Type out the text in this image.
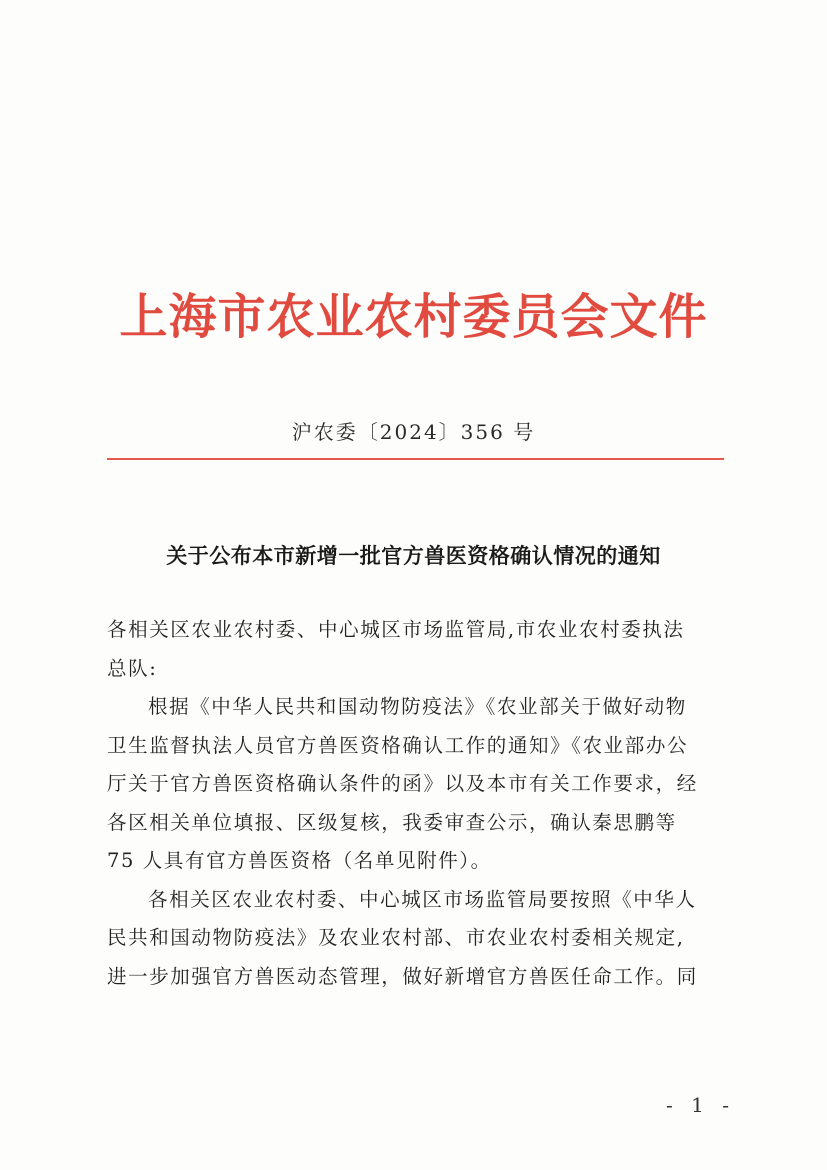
上海市农业农村委员会文件
沪农委〔2024〕356 号
关于公布本市新增一批官方兽医资格确认情况的通知
各相关区农业农村委、中心城区市场监管局,市农业农村委执法
总队:
根据《中华人民共和国动物防疫法》《农业部关于做好动物
卫生监督执法人员官方兽医资格确认工作的通知》《农业部办公
厅关于官方兽医资格确认条件的函》以及本市有关工作要求，经
各区相关单位填报、区级复核，我委审查公示，确认秦思鹏等
75 人具有官方兽医资格（名单见附件）。
各相关区农业农村委、中心城区市场监管局要按照《中华人
民共和国动物防疫法》及农业农村部、市农业农村委相关规定,
进一步加强官方兽医动态管理，做好新增官方兽医任命工作。同
- 1 -
